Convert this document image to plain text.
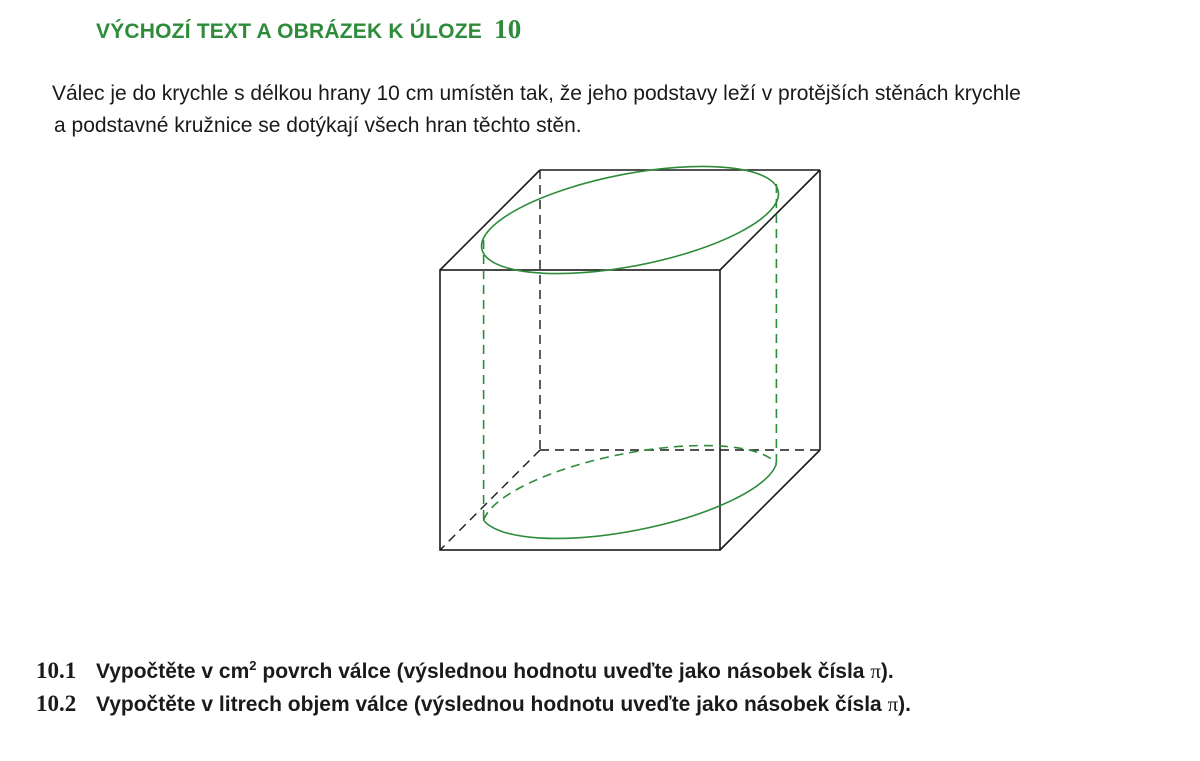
VÝCHOZÍ TEXT A OBRÁZEK K ÚLOZE 10

Válec je do krychle s délkou hrany 10 cm umístěn tak, že jeho podstavy leží v protějších stěnách krychle

a podstavné kružnice se dotýkají všech hran těchto stěn.

10.1 Vypočtěte v $cm^2$ povrch válce (výslednou hodnotu uveďte jako násobek čísla π).
10.2 Vypočtěte v litrech objem válce (výslednou hodnotu uveďte jako násobek čísla π).
